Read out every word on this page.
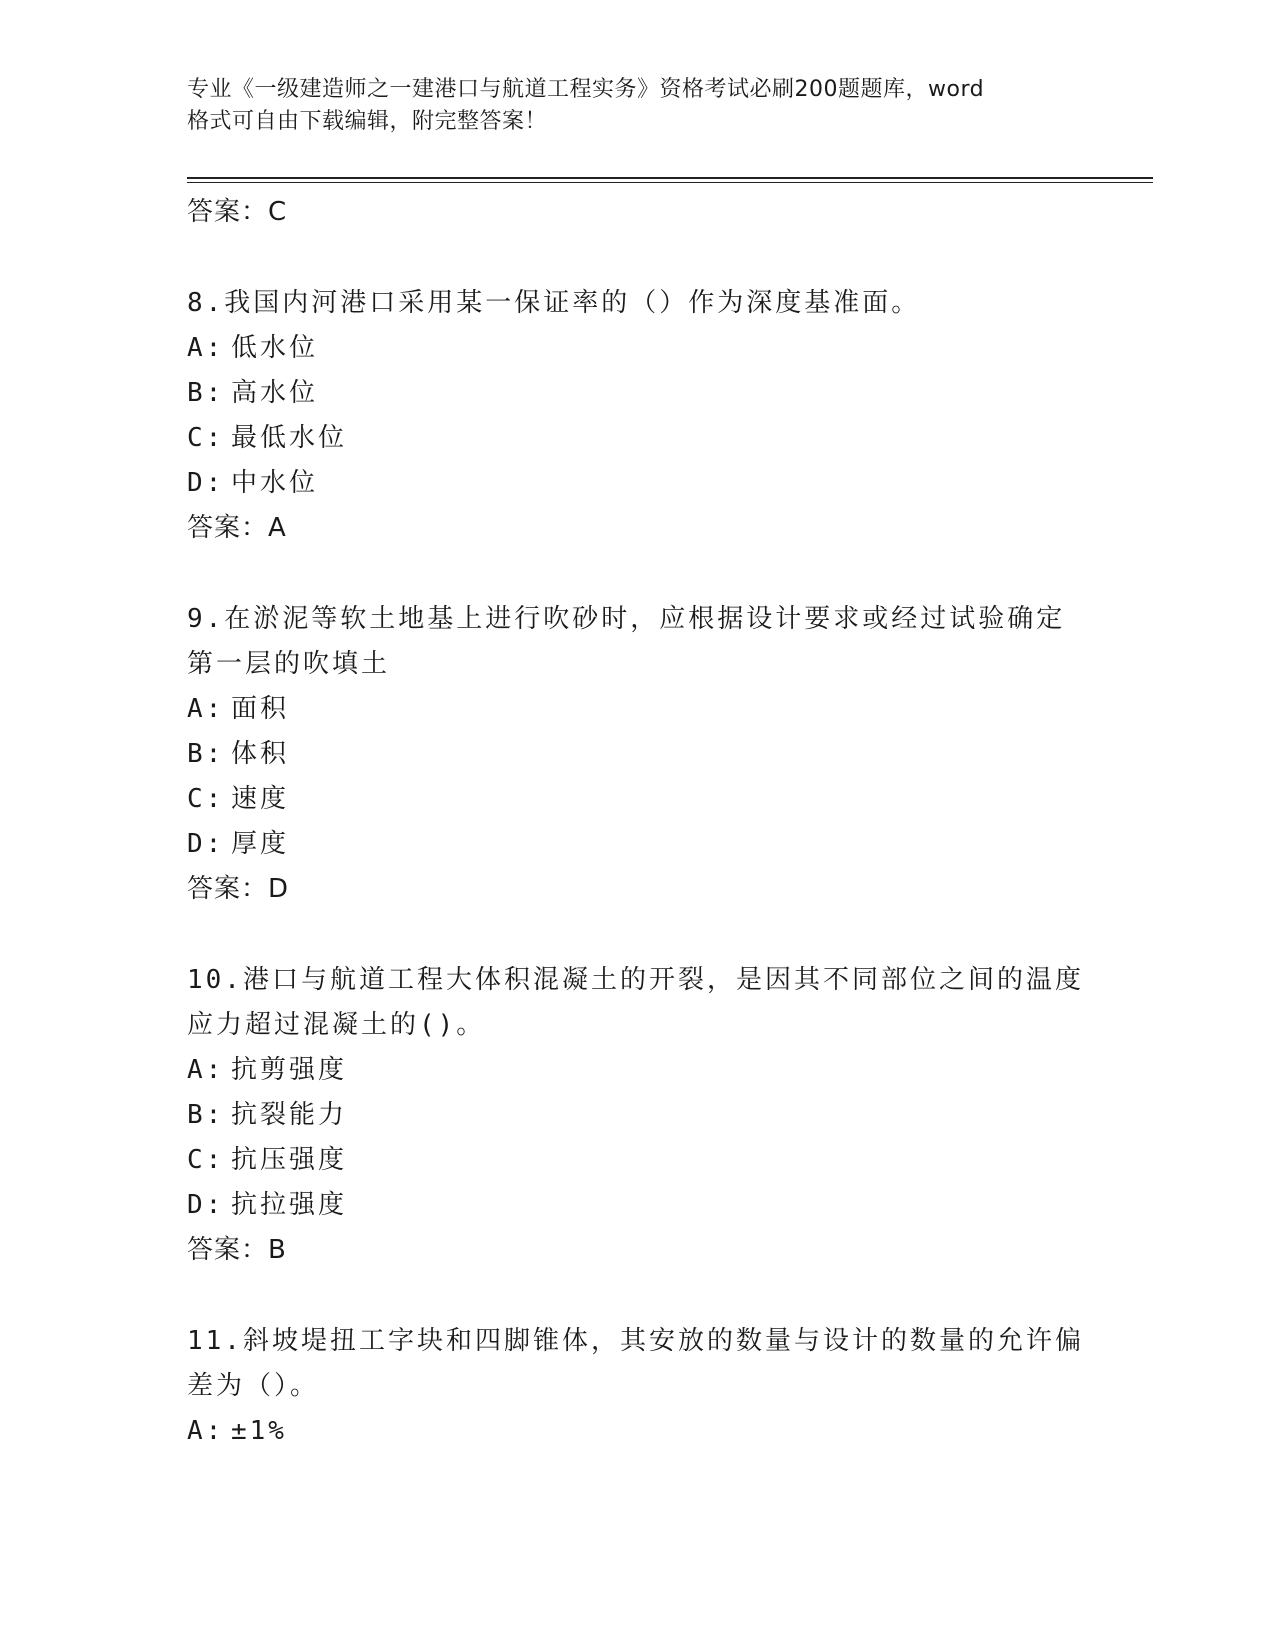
专业《一级建造师之一建港口与航道工程实务》资格考试必刷200题题库，word
格式可自由下载编辑，附完整答案！
答案：C
8.我国内河港口采用某一保证率的（）作为深度基准面。
A: 低水位
B: 高水位
C: 最低水位
D: 中水位
答案：A
9.在淤泥等软土地基上进行吹砂时，应根据设计要求或经过试验确定
第一层的吹填土
A: 面积
B: 体积
C: 速度
D: 厚度
答案：D
10.港口与航道工程大体积混凝土的开裂，是因其不同部位之间的温度
应力超过混凝土的()。
A: 抗剪强度
B: 抗裂能力
C: 抗压强度
D: 抗拉强度
答案：B
11.斜坡堤扭工字块和四脚锥体，其安放的数量与设计的数量的允许偏
差为（）。
A: ±1%
